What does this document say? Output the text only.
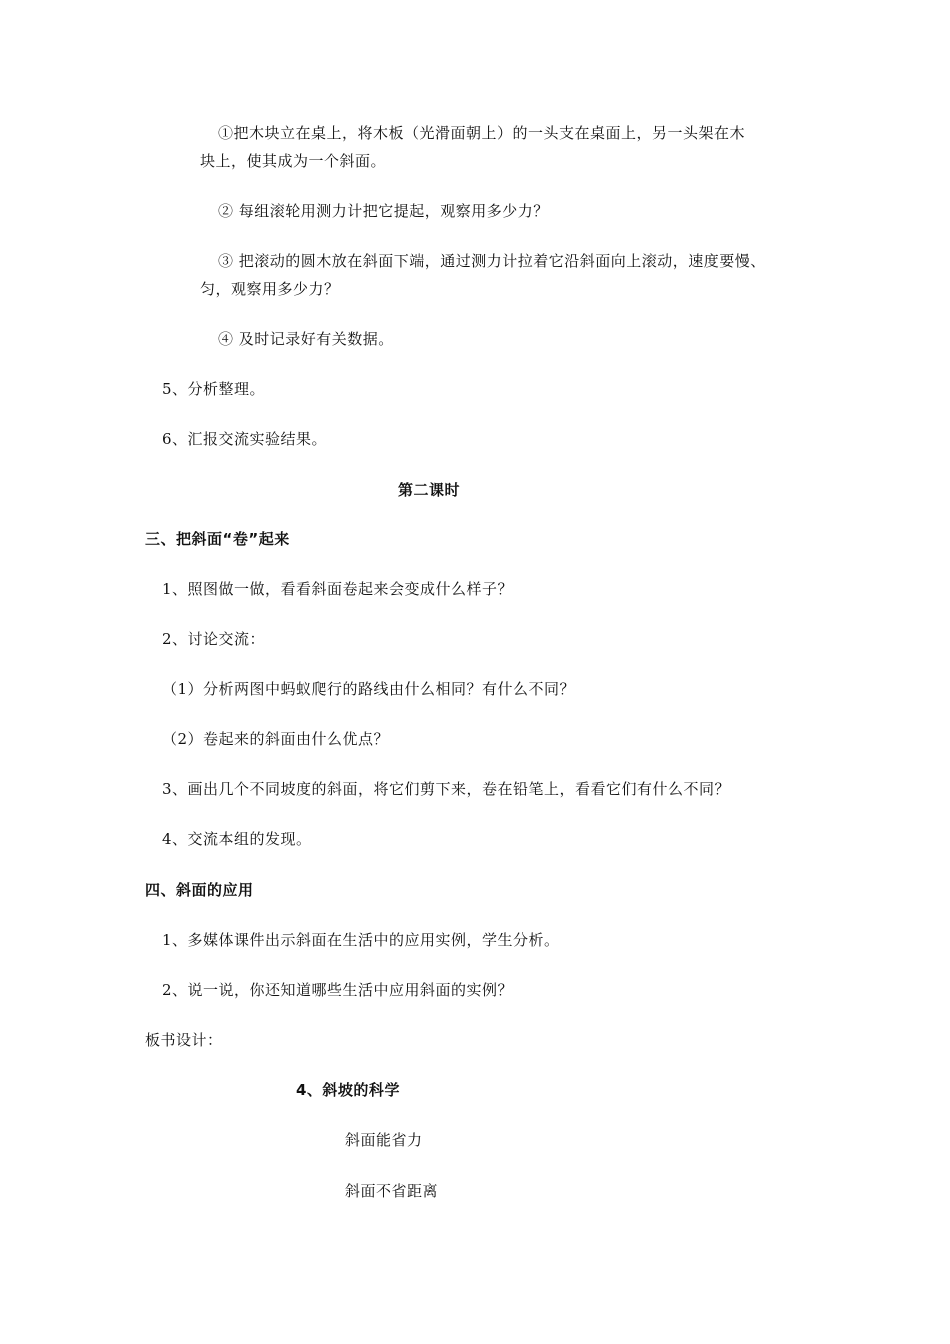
①把木块立在桌上，将木板（光滑面朝上）的一头支在桌面上，另一头架在木
块上，使其成为一个斜面。
② 每组滚轮用测力计把它提起，观察用多少力？
③ 把滚动的圆木放在斜面下端，通过测力计拉着它沿斜面向上滚动，速度要慢、
匀，观察用多少力？
④ 及时记录好有关数据。
5、分析整理。
6、汇报交流实验结果。
第二课时
三、把斜面“卷”起来
1、照图做一做，看看斜面卷起来会变成什么样子？
2、讨论交流：
（1）分析两图中蚂蚁爬行的路线由什么相同？有什么不同？
（2）卷起来的斜面由什么优点？
3、画出几个不同坡度的斜面，将它们剪下来，卷在铅笔上，看看它们有什么不同？
4、交流本组的发现。
四、斜面的应用
1、多媒体课件出示斜面在生活中的应用实例，学生分析。
2、说一说，你还知道哪些生活中应用斜面的实例？
板书设计：
4、斜坡的科学
斜面能省力
斜面不省距离
